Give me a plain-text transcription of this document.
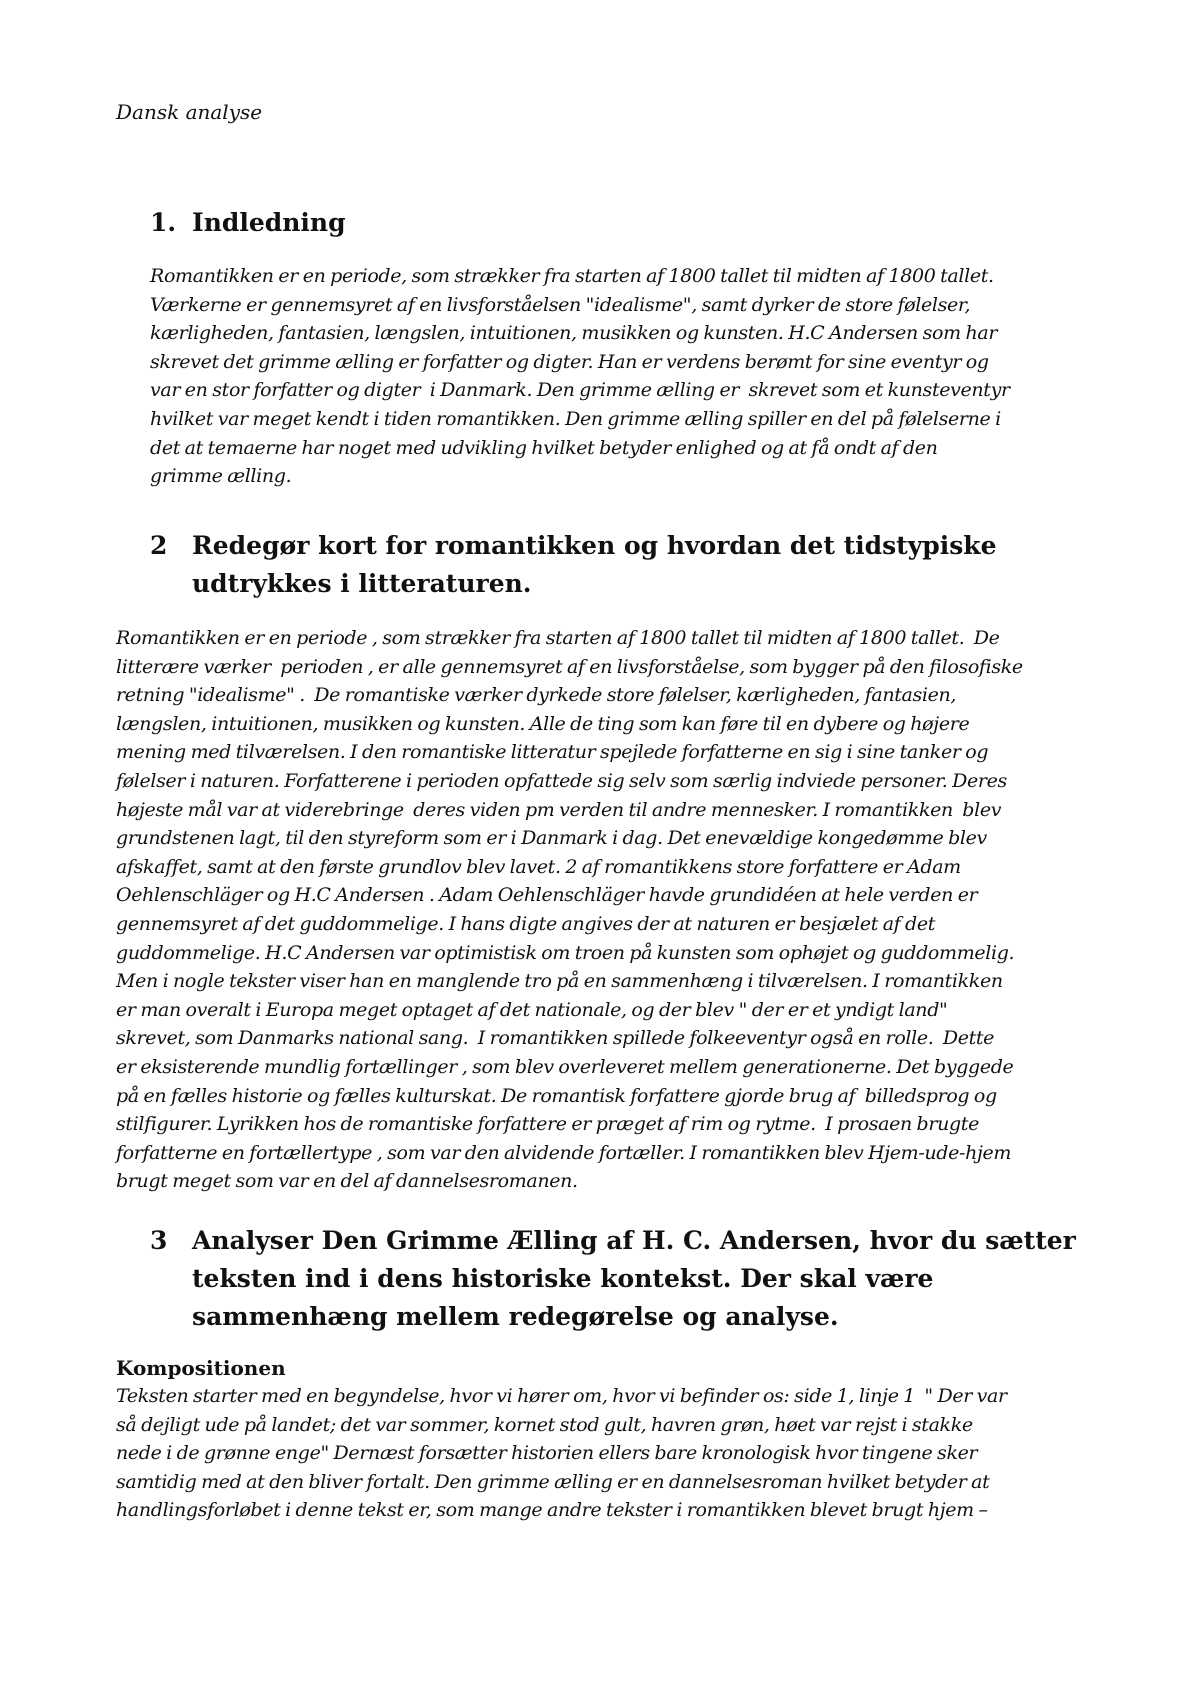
Dansk analyse
1. Indledning
Romantikken er en periode, som strækker fra starten af 1800 tallet til midten af 1800 tallet.
Værkerne er gennemsyret af en livsforståelsen "idealisme", samt dyrker de store følelser,
kærligheden, fantasien, længslen, intuitionen, musikken og kunsten. H.C Andersen som har
skrevet det grimme ælling er forfatter og digter. Han er verdens berømt for sine eventyr og
var en stor forfatter og digter  i Danmark. Den grimme ælling er  skrevet som et kunsteventyr
hvilket var meget kendt i tiden romantikken. Den grimme ælling spiller en del på følelserne i
det at temaerne har noget med udvikling hvilket betyder enlighed og at få ondt af den
grimme ælling.
2 Redegør kort for romantikken og hvordan det tidstypiske udtrykkes i litteraturen.
Romantikken er en periode , som strækker fra starten af 1800 tallet til midten af 1800 tallet.  De
litterære værker  perioden , er alle gennemsyret af en livsforståelse, som bygger på den filosofiske
retning "idealisme" .  De romantiske værker dyrkede store følelser, kærligheden, fantasien,
længslen, intuitionen, musikken og kunsten. Alle de ting som kan føre til en dybere og højere
mening med tilværelsen. I den romantiske litteratur spejlede forfatterne en sig i sine tanker og
følelser i naturen. Forfatterene i perioden opfattede sig selv som særlig indviede personer. Deres
højeste mål var at viderebringe  deres viden pm verden til andre mennesker. I romantikken  blev
grundstenen lagt, til den styreform som er i Danmark i dag. Det enevældige kongedømme blev
afskaffet, samt at den første grundlov blev lavet. 2 af romantikkens store forfattere er Adam
Oehlenschläger og H.C Andersen . Adam Oehlenschläger havde grundidéen at hele verden er
gennemsyret af det guddommelige. I hans digte angives der at naturen er besjælet af det
guddommelige. H.C Andersen var optimistisk om troen på kunsten som ophøjet og guddommelig.
Men i nogle tekster viser han en manglende tro på en sammenhæng i tilværelsen. I romantikken
er man overalt i Europa meget optaget af det nationale, og der blev " der er et yndigt land"
skrevet, som Danmarks national sang.  I romantikken spillede folkeeventyr også en rolle.  Dette
er eksisterende mundlig fortællinger , som blev overleveret mellem generationerne. Det byggede
på en fælles historie og fælles kulturskat. De romantisk forfattere gjorde brug af  billedsprog og
stilfigurer. Lyrikken hos de romantiske forfattere er præget af rim og rytme.  I prosaen brugte
forfatterne en fortællertype , som var den alvidende fortæller. I romantikken blev Hjem-ude-hjem
brugt meget som var en del af dannelsesromanen.
3 Analyser Den Grimme Ælling af H. C. Andersen, hvor du sætter teksten ind i dens historiske kontekst. Der skal være sammenhæng mellem redegørelse og analyse.
Kompositionen
Teksten starter med en begyndelse, hvor vi hører om, hvor vi befinder os: side 1, linje 1  " Der var
så dejligt ude på landet; det var sommer, kornet stod gult, havren grøn, høet var rejst i stakke
nede i de grønne enge" Dernæst forsætter historien ellers bare kronologisk hvor tingene sker
samtidig med at den bliver fortalt. Den grimme ælling er en dannelsesroman hvilket betyder at
handlingsforløbet i denne tekst er, som mange andre tekster i romantikken blevet brugt hjem –
